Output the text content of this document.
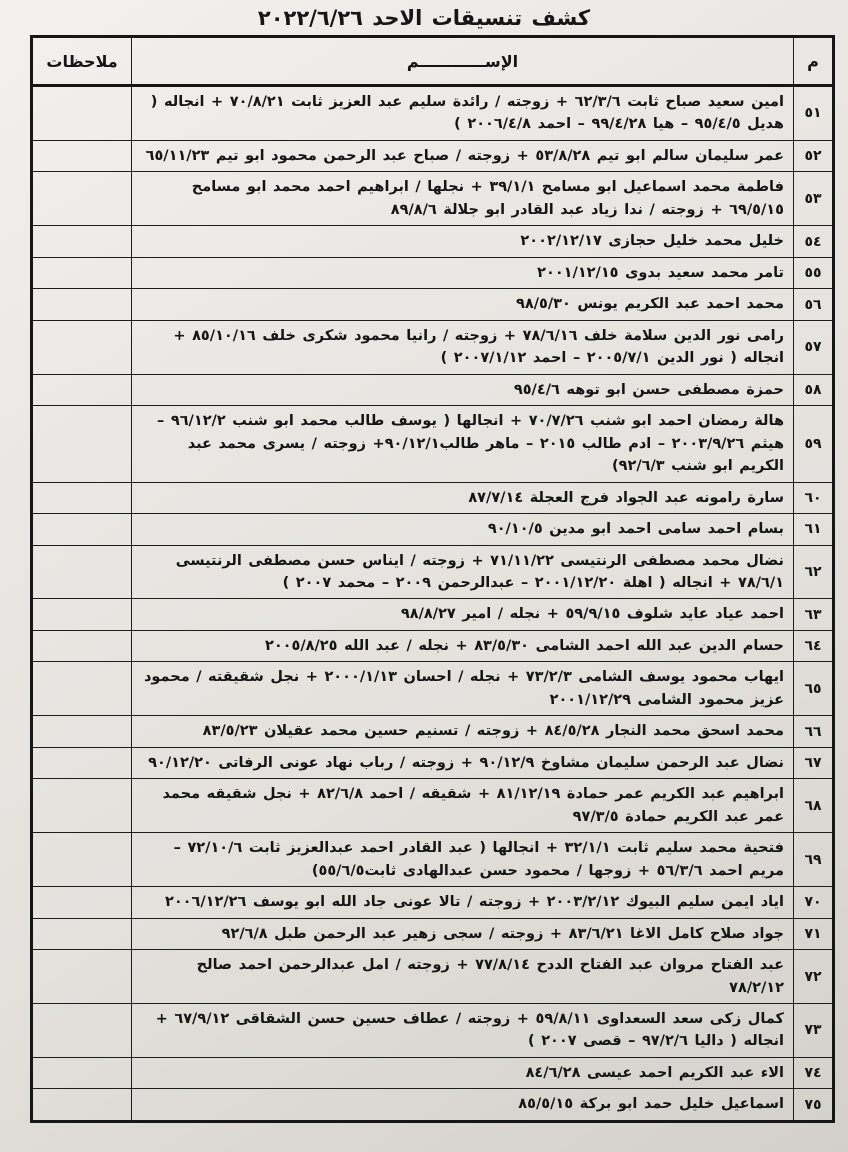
كشف تنسيقات الاحد ٢٠٢٢/٦/٢٦
م	الإســــــــــــم	ملاحظات
٥١	امين سعيد صباح ثابت ٦٢/٣/٦ + زوجته / رائدة سليم عبد العزيز ثابت ٧٠/٨/٢١ + انجاله ( هديل ٩٥/٤/٥ – هيا ٩٩/٤/٢٨ – احمد ٢٠٠٦/٤/٨ )	
٥٢	عمر سليمان سالم ابو تيم ٥٣/٨/٢٨ + زوجته / صباح عبد الرحمن محمود ابو تيم ٦٥/١١/٢٣	
٥٣	فاطمة محمد اسماعيل ابو مسامح ٣٩/١/١ + نجلها / ابراهيم احمد محمد ابو مسامح ٦٩/٥/١٥ + زوجته / ندا زياد عبد القادر ابو جلالة ٨٩/٨/٦	
٥٤	خليل محمد خليل حجازى ٢٠٠٢/١٢/١٧	
٥٥	تامر محمد سعيد بدوى ٢٠٠١/١٢/١٥	
٥٦	محمد احمد عبد الكريم يونس ٩٨/٥/٣٠	
٥٧	رامى نور الدين سلامة خلف ٧٨/٦/١٦ + زوجته / رانيا محمود شكرى خلف ٨٥/١٠/١٦ + انجاله ( نور الدين ٢٠٠٥/٧/١ – احمد ٢٠٠٧/١/١٢ )	
٥٨	حمزة مصطفى حسن ابو توهه ٩٥/٤/٦	
٥٩	هالة رمضان احمد ابو شنب ٧٠/٧/٢٦ + انجالها ( يوسف طالب محمد ابو شنب ٩٦/١٢/٢ – هيثم ٢٠٠٣/٩/٢٦ – ادم طالب ٢٠١٥ – ماهر طالب٩٠/١٢/١+ زوجته / يسرى محمد عبد الكريم ابو شنب ٩٢/٦/٣)	
٦٠	سارة رامونه عبد الجواد فرج العجلة ٨٧/٧/١٤	
٦١	بسام احمد سامى احمد ابو مدين ٩٠/١٠/٥	
٦٢	نضال محمد مصطفى الرنتيسى ٧١/١١/٢٢ + زوجته / ايناس حسن مصطفى الرنتيسى ٧٨/٦/١ + انجاله ( اهلة ٢٠٠١/١٢/٢٠ – عبدالرحمن ٢٠٠٩ – محمد ٢٠٠٧ )	
٦٣	احمد عياد عايد شلوف ٥٩/٩/١٥ + نجله / امير ٩٨/٨/٢٧	
٦٤	حسام الدين عبد الله احمد الشامى ٨٣/٥/٣٠ + نجله / عبد الله ٢٠٠٥/٨/٢٥	
٦٥	ايهاب محمود يوسف الشامى ٧٣/٢/٣ + نجله / احسان ٢٠٠٠/١/١٣ + نجل شقيقته / محمود عزيز محمود الشامى ٢٠٠١/١٢/٢٩	
٦٦	محمد اسحق محمد النجار ٨٤/٥/٢٨ + زوجته / تسنيم حسين محمد عقيلان ٨٣/٥/٢٣	
٦٧	نضال عبد الرحمن سليمان مشاوخ ٩٠/١٢/٩ + زوجته / رباب نهاد عونى الرفاتى ٩٠/١٢/٢٠	
٦٨	ابراهيم عبد الكريم عمر حمادة ٨١/١٢/١٩ + شقيقه / احمد ٨٢/٦/٨ + نجل شقيقه محمد عمر عبد الكريم حمادة ٩٧/٣/٥	
٦٩	فتحية محمد سليم ثابت ٣٢/١/١ + انجالها ( عبد القادر احمد عبدالعزيز ثابت ٧٢/١٠/٦ – مريم احمد ٥٦/٣/٦ + زوجها / محمود حسن عبدالهادى ثابت٥٥/٦/٥)	
٧٠	اياد ايمن سليم البيوك ٢٠٠٣/٢/١٢ + زوجته / تالا عونى جاد الله ابو يوسف ٢٠٠٦/١٢/٢٦	
٧١	جواد صلاح كامل الاغا ٨٣/٦/٢١ + زوجته / سجى زهير عبد الرحمن طبل ٩٢/٦/٨	
٧٢	عبد الفتاح مروان عبد الفتاح الددح ٧٧/٨/١٤ + زوجته / امل عبدالرحمن احمد صالح ٧٨/٢/١٢	
٧٣	كمال زكى سعد السعداوى ٥٩/٨/١١ + زوجته / عطاف حسين حسن الشقاقى ٦٧/٩/١٢ + انجاله ( داليا ٩٧/٢/٦ – قصى ٢٠٠٧ )	
٧٤	الاء عبد الكريم احمد عيسى ٨٤/٦/٢٨	
٧٥	اسماعيل خليل حمد ابو بركة ٨٥/٥/١٥	
